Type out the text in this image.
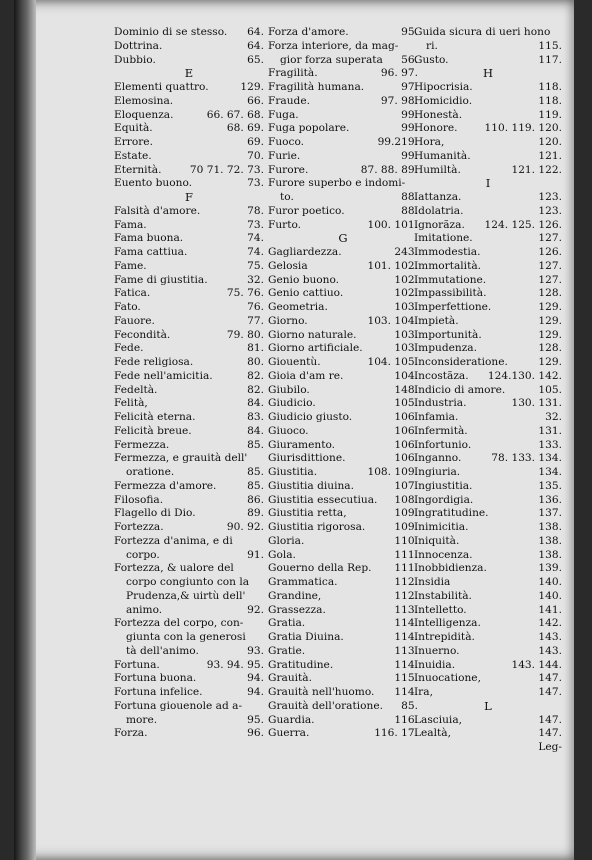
Dominio di se stesso. 64.
Dottrina.	64.
Dubbio.	65.
E
Elementi quattro.	129.
Elemosina.	66.
Eloquenza.	66. 67. 68.
Equità.	68. 69.
Errore.	69.
Estate.	70.
Eternità.	70 71. 72. 73.
Euento buono.	73.
F
Falsità d'amore.	78.
Fama.	73.
Fama buona.	74.
Fama cattiua.	74.
Fame.	75.
Fame di giustitia.	32.
Fatica.	75. 76.
Fato.	76.
Fauore.	77.
Fecondità.	79. 80.
Fede.	81.
Fede religiosa.	80.
Fede nell'amicitia.	82.
Fedeltà.	82.
Felità,	84.
Felicità eterna.	83.
Felicità breue.	84.
Fermezza.	85.
Fermezza, e grauità dell'
oratione.	85.
Fermezza d'amore.	85.
Filosofia.	86.
Flagello di Dio.	89.
Fortezza.	90. 92.
Fortezza d'anima, e di
corpo.	91.
Fortezza, & ualore del
corpo congiunto con la
Prudenza,& uirtù dell'
animo.	92.
Fortezza del corpo, con-
giunta con la generosi
tà dell'animo.	93.
Fortuna.	93. 94. 95.
Fortuna buona.	94.
Fortuna infelice.	94.
Fortuna giouenole ad a-
more.	95.
Forza.	96.
Forza d'amore.	95.
Forza interiore, da mag-
gior forza superata 56.
Fragilità.	96. 97.
Fragilità humana.	97.
Fraude.	97. 98.
Fuga.	99.
Fuga popolare.	99.
Fuoco.	99.219.
Furie.	99.
Furore.	87. 88. 89.
Furore superbo e indomi-
to.	88.
Furor poetico.	88.
Furto.	100. 101.
G
Gagliardezza.	243.
Gelosia	101. 102.
Genio buono.	102.
Genio cattiuo.	102.
Geometria.	103.
Giorno.	103. 104.
Giorno naturale.	103.
Giorno artificiale.	103.
Giouentù.	104. 105.
Gioia d'am re.	104.
Giubilo.	148.
Giudicio.	105.
Giudicio giusto.	106.
Giuoco.	106.
Giuramento.	106.
Giurisdittione.	106.
Giustitia.	108. 109.
Giustitia diuina.	107.
Giustitia essecutiua. 108.
Giustitia retta,	109.
Giustitia rigorosa.	109.
Gloria.	110.
Gola.	111.
Gouerno della Rep. 111.
Grammatica.	112.
Grandine,	112.
Grassezza.	113.
Gratia.	114.
Gratia Diuina.	114.
Gratie.	113.
Gratitudine.	114.
Grauità.	115.
Grauità nell'huomo. 114.
Grauità dell'oratione. 85.
Guardia.	116.
Guerra.	116. 17.
Guida sicura di ueri hono
ri.	115.
Gusto.	117.
H
Hipocrisia.	118.
Homicidio.	118.
Honestà.	119.
Honore.	110. 119. 120.
Hora,	120.
Humanità.	121.
Humiltà.	121. 122.
I
Iattanza.	123.
Idolatria.	123.
Ignorãza. 124. 125. 126.
Imitatione.	127.
Immodestia.	126.
Immortalità.	127.
Immutatione.	127.
Impassibilità.	128.
Imperfettione.	129.
Impietà.	129.
Importunità.	129.
Impudenza.	128.
Inconsideratione.	129.
Incostãza. 124.130. 142.
Indicio di amore.	105.
Industria.	130. 131.
Infamia.	32.
Infermità.	131.
Infortunio.	133.
Inganno.	78. 133. 134.
Ingiuria.	134.
Ingiustitia.	135.
Ingordigia.	136.
Ingratitudine.	137.
Inimicitia.	138.
Iniquità.	138.
Innocenza.	138.
Inobbidienza.	139.
Insidia	140.
Instabilità.	140.
Intelletto.	141.
Intelligenza.	142.
Intrepidità.	143.
Inuerno.	143.
Inuidia.	143. 144.
Inuocatione,	147.
Ira,	147.
L
Lasciuia,	147.
Lealtà,	147.
Leg-
